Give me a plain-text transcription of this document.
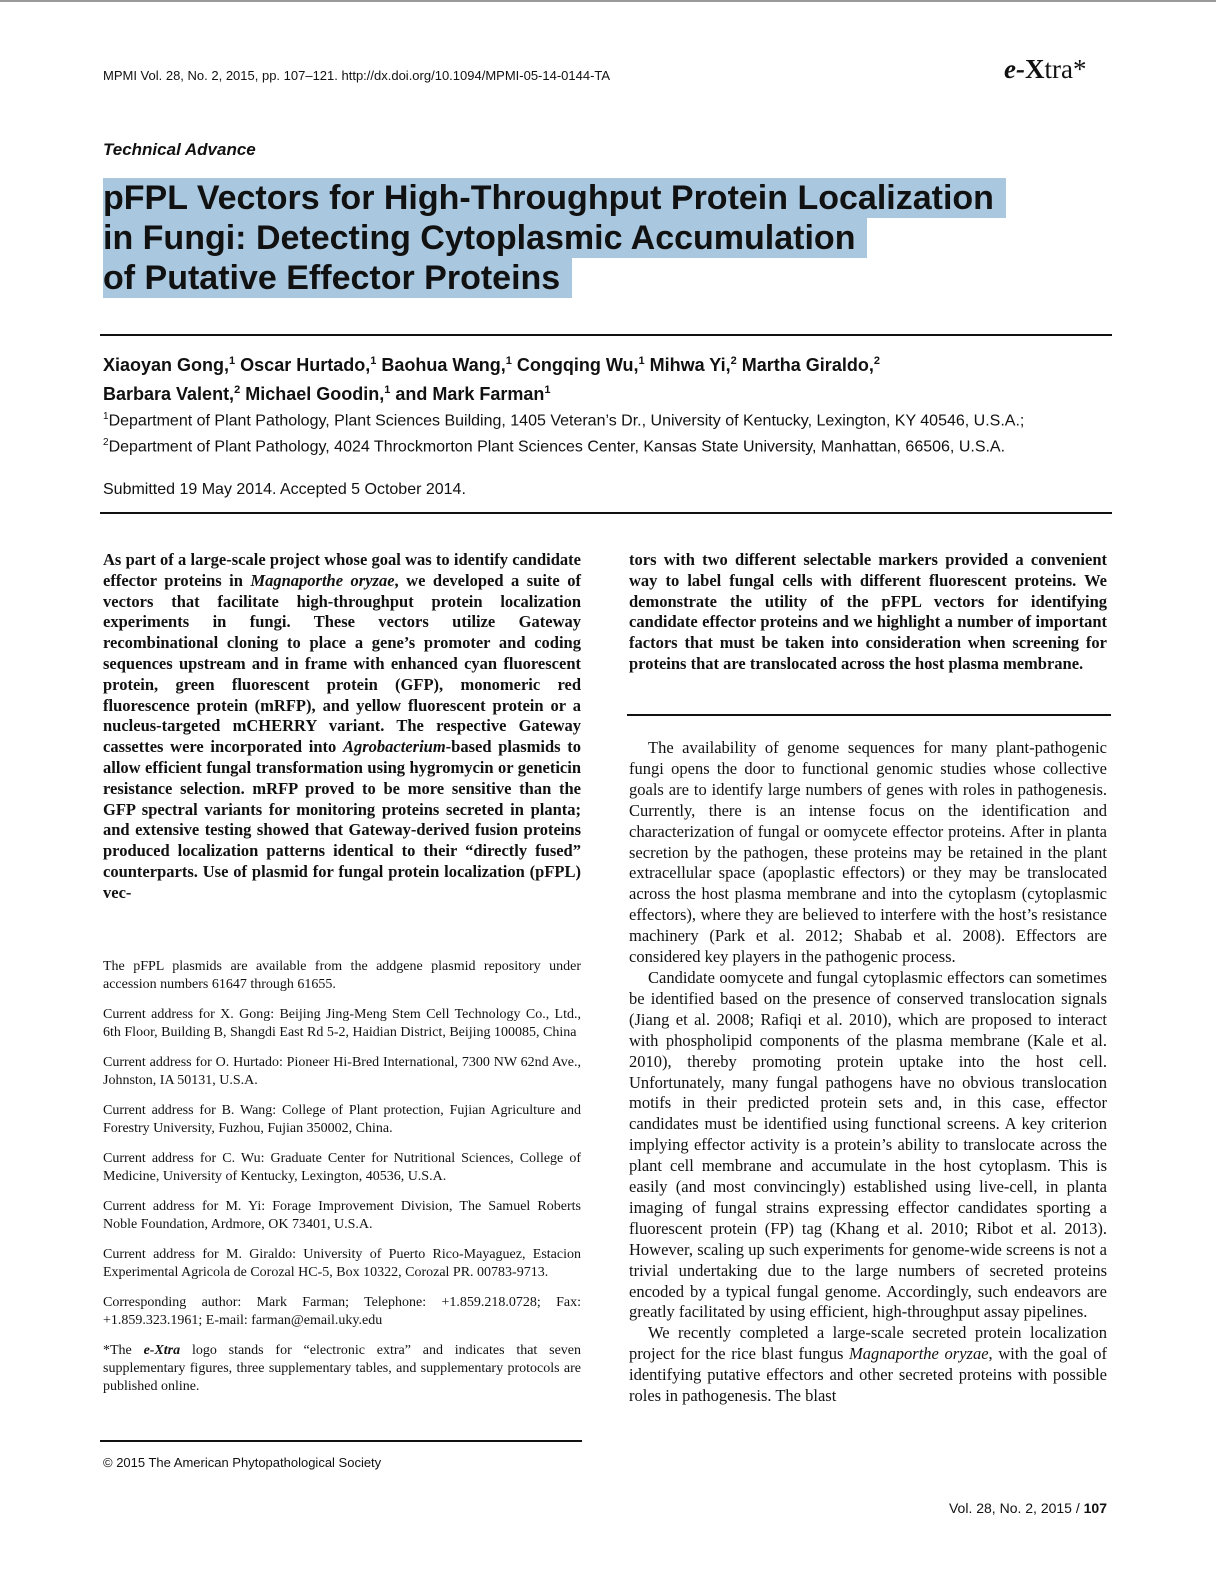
MPMI Vol. 28, No. 2, 2015, pp. 107–121. http://dx.doi.org/10.1094/MPMI-05-14-0144-TA	e-Xtra*
Technical Advance
pFPL Vectors for High-Throughput Protein Localization
in Fungi: Detecting Cytoplasmic Accumulation
of Putative Effector Proteins
Xiaoyan Gong,$^1$ Oscar Hurtado,$^1$ Baohua Wang,$^1$ Congqing Wu,$^1$ Mihwa Yi,$^2$ Martha Giraldo,$^2$
Barbara Valent,$^2$ Michael Goodin,$^1$ and Mark Farman$^1$
$^1$Department of Plant Pathology, Plant Sciences Building, 1405 Veteran’s Dr., University of Kentucky, Lexington, KY 40546, U.S.A.; $^2$Department of Plant Pathology, 4024 Throckmorton Plant Sciences Center, Kansas State University, Manhattan, 66506, U.S.A.
Submitted 19 May 2014. Accepted 5 October 2014.
As part of a large-scale project whose goal was to identify candidate effector proteins in Magnaporthe oryzae, we developed a suite of vectors that facilitate high-throughput protein localization experiments in fungi. These vectors utilize Gateway recombinational cloning to place a gene’s promoter and coding sequences upstream and in frame with enhanced cyan fluorescent protein, green fluorescent protein (GFP), monomeric red fluorescence protein (mRFP), and yellow fluorescent protein or a nucleus-targeted mCHERRY variant. The respective Gateway cassettes were incorporated into Agrobacterium-based plasmids to allow efficient fungal transformation using hygromycin or geneticin resistance selection. mRFP proved to be more sensitive than the GFP spectral variants for monitoring proteins secreted in planta; and extensive testing showed that Gateway-derived fusion proteins produced localization patterns identical to their “directly fused” counterparts. Use of plasmid for fungal protein localization (pFPL) vec-
tors with two different selectable markers provided a convenient way to label fungal cells with different fluorescent proteins. We demonstrate the utility of the pFPL vectors for identifying candidate effector proteins and we highlight a number of important factors that must be taken into consideration when screening for proteins that are translocated across the host plasma membrane.

The pFPL plasmids are available from the addgene plasmid repository under accession numbers 61647 through 61655.

Current address for X. Gong: Beijing Jing-Meng Stem Cell Technology Co., Ltd., 6th Floor, Building B, Shangdi East Rd 5-2, Haidian District, Beijing 100085, China

Current address for O. Hurtado: Pioneer Hi-Bred International, 7300 NW 62nd Ave., Johnston, IA 50131, U.S.A.

Current address for B. Wang: College of Plant protection, Fujian Agriculture and Forestry University, Fuzhou, Fujian 350002, China.

Current address for C. Wu: Graduate Center for Nutritional Sciences, College of Medicine, University of Kentucky, Lexington, 40536, U.S.A.

Current address for M. Yi: Forage Improvement Division, The Samuel Roberts Noble Foundation, Ardmore, OK 73401, U.S.A.

Current address for M. Giraldo: University of Puerto Rico-Mayaguez, Estacion Experimental Agricola de Corozal HC-5, Box 10322, Corozal PR. 00783-9713.

Corresponding author: Mark Farman; Telephone: +1.859.218.0728; Fax: +1.859.323.1961; E-mail: farman@email.uky.edu

*The e-Xtra logo stands for “electronic extra” and indicates that seven supplementary figures, three supplementary tables, and supplementary protocols are published online.

© 2015 The American Phytopathological Society

The availability of genome sequences for many plant-pathogenic fungi opens the door to functional genomic studies whose collective goals are to identify large numbers of genes with roles in pathogenesis. Currently, there is an intense focus on the identification and characterization of fungal or oomycete effector proteins. After in planta secretion by the pathogen, these proteins may be retained in the plant extracellular space (apoplastic effectors) or they may be translocated across the host plasma membrane and into the cytoplasm (cytoplasmic effectors), where they are believed to interfere with the host’s resistance machinery (Park et al. 2012; Shabab et al. 2008). Effectors are considered key players in the pathogenic process.

Candidate oomycete and fungal cytoplasmic effectors can sometimes be identified based on the presence of conserved translocation signals (Jiang et al. 2008; Rafiqi et al. 2010), which are proposed to interact with phospholipid components of the plasma membrane (Kale et al. 2010), thereby promoting protein uptake into the host cell. Unfortunately, many fungal pathogens have no obvious translocation motifs in their predicted protein sets and, in this case, effector candidates must be identified using functional screens. A key criterion implying effector activity is a protein’s ability to translocate across the plant cell membrane and accumulate in the host cytoplasm. This is easily (and most convincingly) established using live-cell, in planta imaging of fungal strains expressing effector candidates sporting a fluorescent protein (FP) tag (Khang et al. 2010; Ribot et al. 2013). However, scaling up such experiments for genome-wide screens is not a trivial undertaking due to the large numbers of secreted proteins encoded by a typical fungal genome. Accordingly, such endeavors are greatly facilitated by using efficient, high-throughput assay pipelines.

We recently completed a large-scale secreted protein localization project for the rice blast fungus Magnaporthe oryzae, with the goal of identifying putative effectors and other secreted proteins with possible roles in pathogenesis. The blast

Vol. 28, No. 2, 2015 / 107
